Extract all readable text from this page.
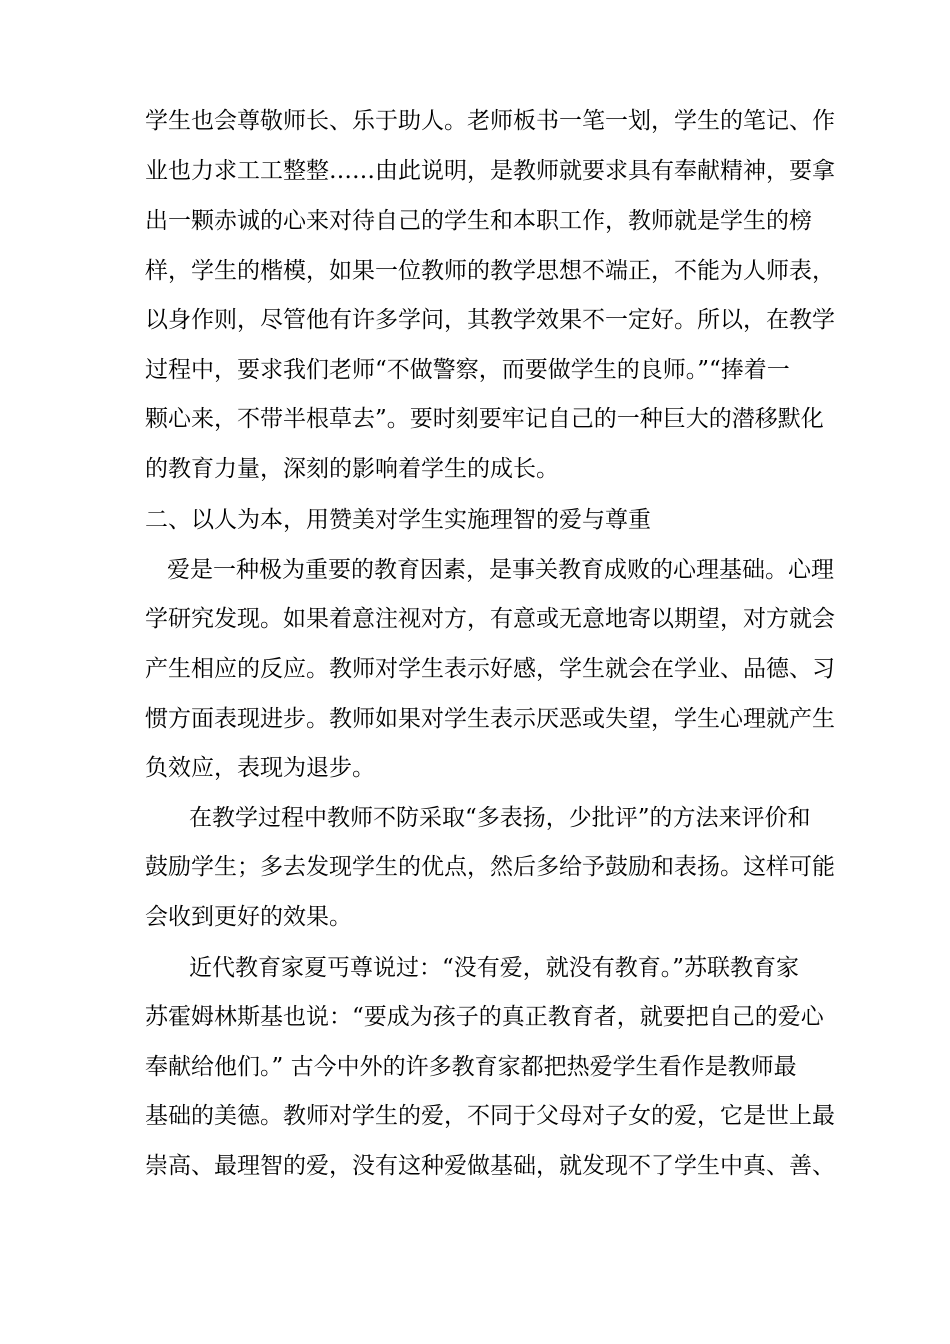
学生也会尊敬师长、乐于助人。老师板书一笔一划，学生的笔记、作
业也力求工工整整……由此说明，是教师就要求具有奉献精神，要拿
出一颗赤诚的心来对待自己的学生和本职工作，教师就是学生的榜
样，学生的楷模，如果一位教师的教学思想不端正，不能为人师表，
以身作则，尽管他有许多学问，其教学效果不一定好。所以，在教学
过程中，要求我们老师“不做警察，而要做学生的良师。”“捧着一
颗心来，不带半根草去”。要时刻要牢记自己的一种巨大的潜移默化
的教育力量，深刻的影响着学生的成长。
二、以人为本，用赞美对学生实施理智的爱与尊重
爱是一种极为重要的教育因素，是事关教育成败的心理基础。心理
学研究发现。如果着意注视对方，有意或无意地寄以期望，对方就会
产生相应的反应。教师对学生表示好感，学生就会在学业、品德、习
惯方面表现进步。教师如果对学生表示厌恶或失望，学生心理就产生
负效应，表现为退步。
在教学过程中教师不防采取“多表扬，少批评”的方法来评价和
鼓励学生；多去发现学生的优点，然后多给予鼓励和表扬。这样可能
会收到更好的效果。
近代教育家夏丐尊说过：“没有爱，就没有教育。”苏联教育家
苏霍姆林斯基也说：“要成为孩子的真正教育者，就要把自己的爱心
奉献给他们。” 古今中外的许多教育家都把热爱学生看作是教师最
基础的美德。教师对学生的爱，不同于父母对子女的爱，它是世上最
崇高、最理智的爱，没有这种爱做基础，就发现不了学生中真、善、
